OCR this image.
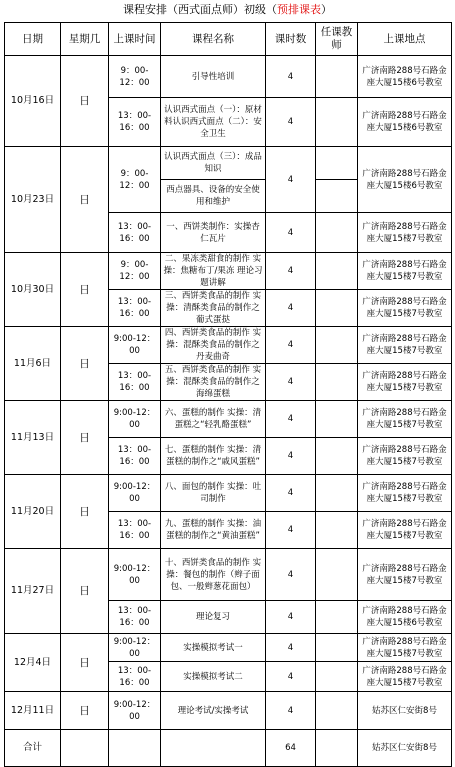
课程安排（西式面点师）初级（预排课表）
日期	星期几	上课时间	课程名称	课时数	任课教师	上课地点
10月16日	日	9：00-12：00	引导性培训	4		广济南路288号石路金座大厦15楼6号教室
		13：00-16：00	认识西式面点（一）：原材料认识西式面点（二）：安全卫生	4		广济南路288号石路金座大厦15楼6号教室
10月23日	日	9：00-12：00	认识西式面点（三）：成品知识	4		广济南路288号石路金座大厦15楼6号教室
			西点器具、设备的安全使用和维护			
		13：00-16：00	一、西饼类制作：实操杏仁瓦片	4		广济南路288号石路金座大厦15楼7号教室
10月30日	日	9：00-12：00	二、果冻类甜食的制作 实操：焦糖布丁/果冻 理论习题讲解	4		广济南路288号石路金座大厦15楼7号教室
		13：00-16：00	三、西饼类食品的制作 实操：清酥类食品的制作之葡式蛋挞	4		广济南路288号石路金座大厦15楼7号教室
11月6日	日	9:00-12：00	四、西饼类食品的制作 实操：混酥类食品的制作之丹麦曲奇	4		广济南路288号石路金座大厦15楼7号教室
		13：00-16：00	五、西饼类食品的制作 实操：混酥类食品的制作之海绵蛋糕	4		广济南路288号石路金座大厦15楼7号教室
11月13日	日	9:00-12：00	六、蛋糕的制作 实操：清蛋糕之“轻乳酪蛋糕”	4		广济南路288号石路金座大厦15楼7号教室
		13：00-16：00	七、蛋糕的制作 实操：清蛋糕的制作之“戚风蛋糕”	4		广济南路288号石路金座大厦15楼7号教室
11月20日	日	9:00-12：00	八、面包的制作 实操：吐司制作	4		广济南路288号石路金座大厦15楼7号教室
		13：00-16：00	九、蛋糕的制作 实操：油蛋糕的制作之“黄油蛋糕”	4		广济南路288号石路金座大厦15楼7号教室
11月27日	日	9:00-12：00	十、西饼类食品的制作 实操：餐包的制作（辫子面包、一般辫葱花面包）	4		广济南路288号石路金座大厦15楼7号教室
		13：00-16：00	理论复习	4		广济南路288号石路金座大厦15楼6号教室
12月4日	日	9:00-12：00	实操模拟考试一	4		广济南路288号石路金座大厦15楼7号教室
		13：00-16：00	实操模拟考试二	4		广济南路288号石路金座大厦15楼7号教室
12月11日	日	9:00-12：00	理论考试/实操考试	4		姑苏区仁安街8号
合计				64		姑苏区仁安街8号
